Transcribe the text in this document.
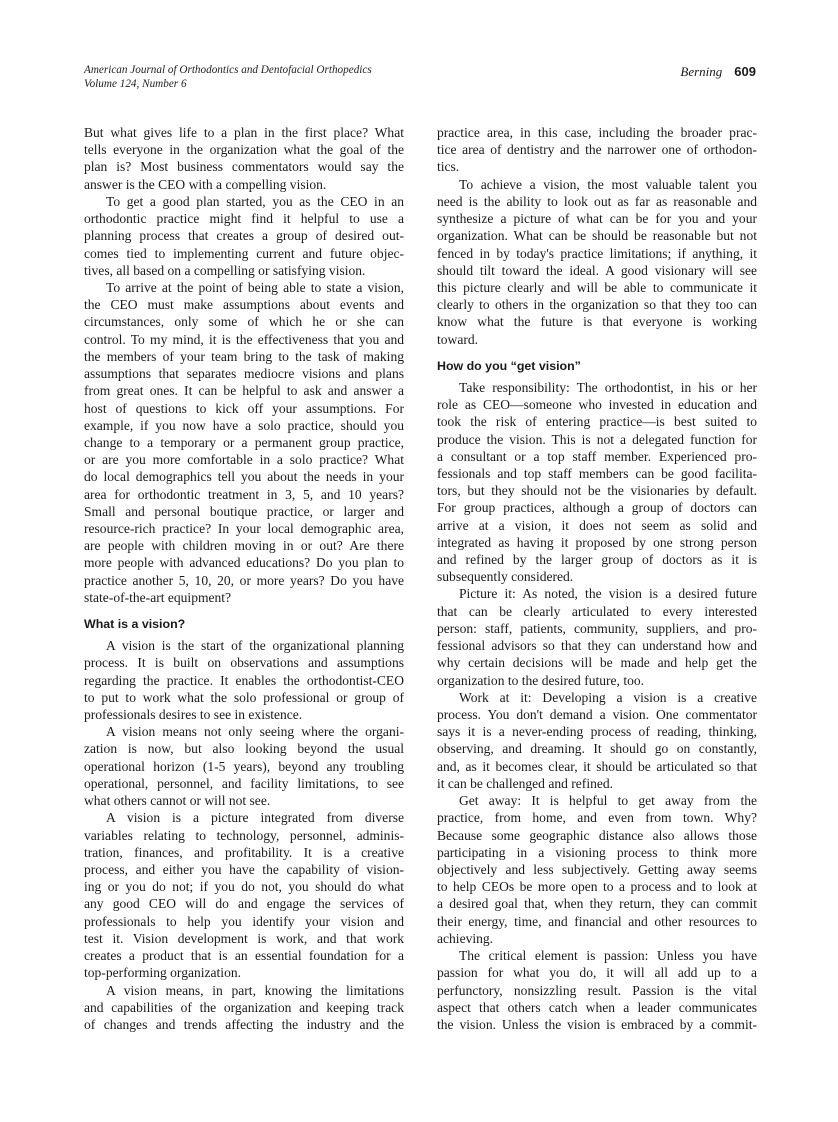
American Journal of Orthodontics and Dentofacial Orthopedics
Volume 124, Number 6
Berning 609
But what gives life to a plan in the first place? What
tells everyone in the organization what the goal of the
plan is? Most business commentators would say the
answer is the CEO with a compelling vision.
To get a good plan started, you as the CEO in an
orthodontic practice might find it helpful to use a
planning process that creates a group of desired out-
comes tied to implementing current and future objec-
tives, all based on a compelling or satisfying vision.
To arrive at the point of being able to state a vision,
the CEO must make assumptions about events and
circumstances, only some of which he or she can
control. To my mind, it is the effectiveness that you and
the members of your team bring to the task of making
assumptions that separates mediocre visions and plans
from great ones. It can be helpful to ask and answer a
host of questions to kick off your assumptions. For
example, if you now have a solo practice, should you
change to a temporary or a permanent group practice,
or are you more comfortable in a solo practice? What
do local demographics tell you about the needs in your
area for orthodontic treatment in 3, 5, and 10 years?
Small and personal boutique practice, or larger and
resource-rich practice? In your local demographic area,
are people with children moving in or out? Are there
more people with advanced educations? Do you plan to
practice another 5, 10, 20, or more years? Do you have
state-of-the-art equipment?
What is a vision?
A vision is the start of the organizational planning
process. It is built on observations and assumptions
regarding the practice. It enables the orthodontist-CEO
to put to work what the solo professional or group of
professionals desires to see in existence.
A vision means not only seeing where the organi-
zation is now, but also looking beyond the usual
operational horizon (1-5 years), beyond any troubling
operational, personnel, and facility limitations, to see
what others cannot or will not see.
A vision is a picture integrated from diverse
variables relating to technology, personnel, adminis-
tration, finances, and profitability. It is a creative
process, and either you have the capability of vision-
ing or you do not; if you do not, you should do what
any good CEO will do and engage the services of
professionals to help you identify your vision and
test it. Vision development is work, and that work
creates a product that is an essential foundation for a
top-performing organization.
A vision means, in part, knowing the limitations
and capabilities of the organization and keeping track
of changes and trends affecting the industry and the
practice area, in this case, including the broader prac-
tice area of dentistry and the narrower one of orthodon-
tics.
To achieve a vision, the most valuable talent you
need is the ability to look out as far as reasonable and
synthesize a picture of what can be for you and your
organization. What can be should be reasonable but not
fenced in by today's practice limitations; if anything, it
should tilt toward the ideal. A good visionary will see
this picture clearly and will be able to communicate it
clearly to others in the organization so that they too can
know what the future is that everyone is working
toward.
How do you “get vision”
Take responsibility: The orthodontist, in his or her
role as CEO—someone who invested in education and
took the risk of entering practice—is best suited to
produce the vision. This is not a delegated function for
a consultant or a top staff member. Experienced pro-
fessionals and top staff members can be good facilita-
tors, but they should not be the visionaries by default.
For group practices, although a group of doctors can
arrive at a vision, it does not seem as solid and
integrated as having it proposed by one strong person
and refined by the larger group of doctors as it is
subsequently considered.
Picture it: As noted, the vision is a desired future
that can be clearly articulated to every interested
person: staff, patients, community, suppliers, and pro-
fessional advisors so that they can understand how and
why certain decisions will be made and help get the
organization to the desired future, too.
Work at it: Developing a vision is a creative
process. You don't demand a vision. One commentator
says it is a never-ending process of reading, thinking,
observing, and dreaming. It should go on constantly,
and, as it becomes clear, it should be articulated so that
it can be challenged and refined.
Get away: It is helpful to get away from the
practice, from home, and even from town. Why?
Because some geographic distance also allows those
participating in a visioning process to think more
objectively and less subjectively. Getting away seems
to help CEOs be more open to a process and to look at
a desired goal that, when they return, they can commit
their energy, time, and financial and other resources to
achieving.
The critical element is passion: Unless you have
passion for what you do, it will all add up to a
perfunctory, nonsizzling result. Passion is the vital
aspect that others catch when a leader communicates
the vision. Unless the vision is embraced by a commit-
